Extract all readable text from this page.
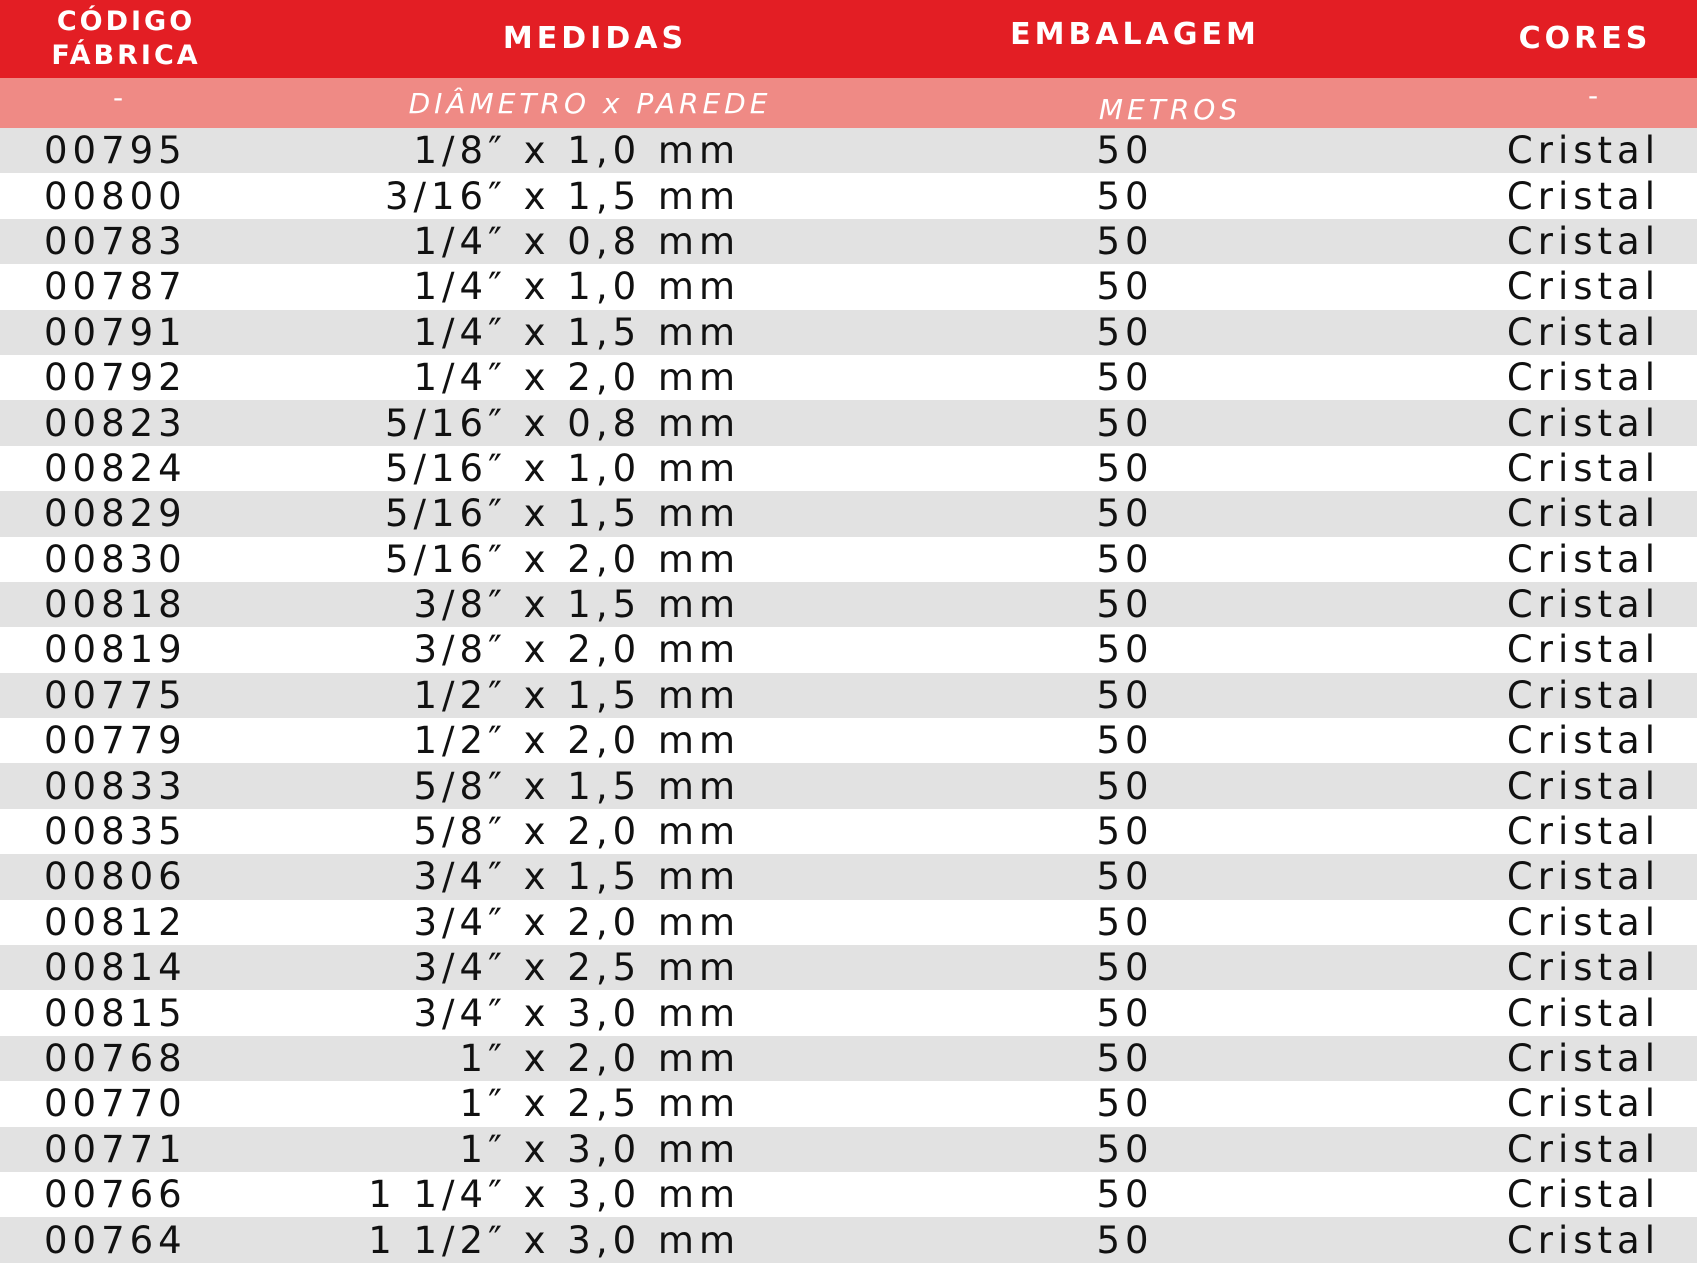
CÓDIGO
FÁBRICA	MEDIDAS	EMBALAGEM	CORES
-	DIÂMETRO x PAREDE	METROS	-
00795	1/8″ x 1,0 mm	50	Cristal
00800	3/16″ x 1,5 mm	50	Cristal
00783	1/4″ x 0,8 mm	50	Cristal
00787	1/4″ x 1,0 mm	50	Cristal
00791	1/4″ x 1,5 mm	50	Cristal
00792	1/4″ x 2,0 mm	50	Cristal
00823	5/16″ x 0,8 mm	50	Cristal
00824	5/16″ x 1,0 mm	50	Cristal
00829	5/16″ x 1,5 mm	50	Cristal
00830	5/16″ x 2,0 mm	50	Cristal
00818	3/8″ x 1,5 mm	50	Cristal
00819	3/8″ x 2,0 mm	50	Cristal
00775	1/2″ x 1,5 mm	50	Cristal
00779	1/2″ x 2,0 mm	50	Cristal
00833	5/8″ x 1,5 mm	50	Cristal
00835	5/8″ x 2,0 mm	50	Cristal
00806	3/4″ x 1,5 mm	50	Cristal
00812	3/4″ x 2,0 mm	50	Cristal
00814	3/4″ x 2,5 mm	50	Cristal
00815	3/4″ x 3,0 mm	50	Cristal
00768	1″ x 2,0 mm	50	Cristal
00770	1″ x 2,5 mm	50	Cristal
00771	1″ x 3,0 mm	50	Cristal
00766	1 1/4″ x 3,0 mm	50	Cristal
00764	1 1/2″ x 3,0 mm	50	Cristal
